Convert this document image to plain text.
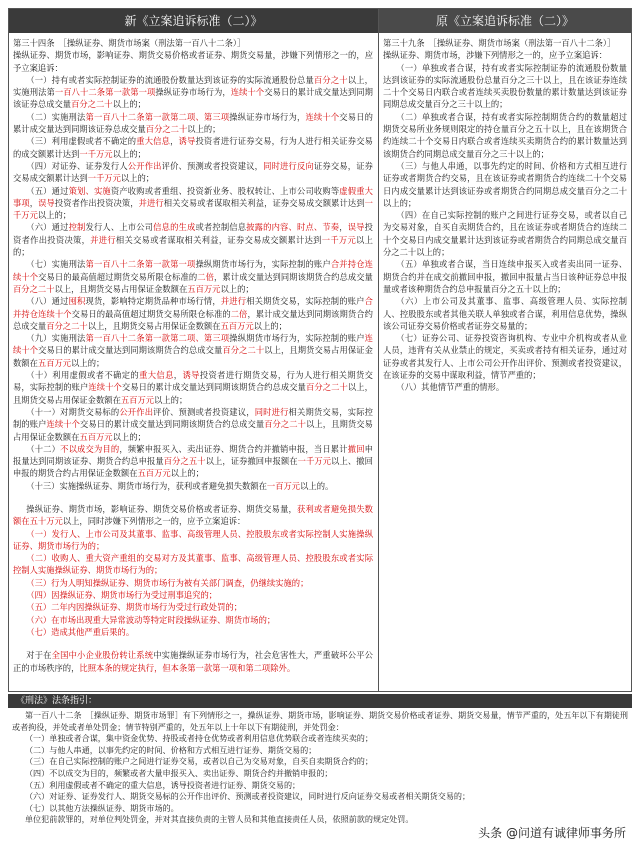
新《立案追诉标准（二）》	原《立案追诉标准（二）》

第三十四条　［操纵证券、期货市场案（刑法第一百八十二条）］

操纵证券、期货市场，影响证券、期货交易价格或者证券、期货交易量，涉嫌下列情形之一的，应予立案追诉：

（一）持有或者实际控制证券的流通股份数量达到该证券的实际流通股份总量百分之十以上，实施刑法第一百八十二条第一款第一项操纵证券市场行为，连续十个交易日的累计成交量达到同期该证券总成交量百分之二十以上的；

（二）实施刑法第一百八十二条第一款第二项、第三项操纵证券市场行为，连续十个交易日的累计成交量达到同期该证券总成交量百分之二十以上的；

（三）利用虚假或者不确定的重大信息，诱导投资者进行证券交易，行为人进行相关证券交易的成交额累计达到一千万元以上的；

（四）对证券、证券发行人公开作出评价、预测或者投资建议，同时进行反向证券交易，证券交易成交额累计达到一千万元以上的；

（五）通过策划、实施资产收购或者重组、投资新业务、股权转让、上市公司收购等虚假重大事项，误导投资者作出投资决策，并进行相关交易或者谋取相关利益，证券交易成交额累计达到一千万元以上的；

（六）通过控制发行人、上市公司信息的生成或者控制信息披露的内容、时点、节奏，误导投资者作出投资决策，并进行相关交易或者谋取相关利益，证券交易成交额累计达到一千万元以上的；

（七）实施刑法第一百八十二条第一款第一项操纵期货市场行为，实际控制的账户合并持仓连续十个交易日的最高值超过期货交易所限仓标准的二倍，累计成交量达到同期该期货合约总成交量百分之二十以上，且期货交易占用保证金数额在五百万元以上的；

（八）通过囤积现货，影响特定期货品种市场行情，并进行相关期货交易，实际控制的账户合并持仓连续十个交易日的最高值超过期货交易所限仓标准的二倍，累计成交量达到同期该期货合约总成交量百分之二十以上，且期货交易占用保证金数额在五百万元以上的；

（九）实施刑法第一百八十二条第一款第二项、第三项操纵期货市场行为，实际控制的账户连续十个交易日的累计成交量达到同期该期货合约总成交量百分之二十以上，且期货交易占用保证金数额在五百万元以上的；

（十）利用虚假或者不确定的重大信息，诱导投资者进行期货交易，行为人进行相关期货交易，实际控制的账户连续十个交易日的累计成交量达到同期该期货合约总成交量百分之二十以上，且期货交易占用保证金数额在五百万元以上的；

（十一）对期货交易标的公开作出评价、预测或者投资建议，同时进行相关期货交易，实际控制的账户连续十个交易日的累计成交量达到同期该期货合约总成交量百分之二十以上，且期货交易占用保证金数额在五百万元以上的；

（十二）不以成交为目的，频繁申报买入、卖出证券、期货合约并撤销申报，当日累计撤回申报量达到同期该证券、期货合约总申报量百分之五十以上，证券撤回申报额在一千万元以上、撤回申报的期货合约占用保证金数额在五百万元以上的；

（十三）实施操纵证券、期货市场行为，获利或者避免损失数额在一百万元以上的。

操纵证券、期货市场，影响证券、期货交易价格或者证券、期货交易量，获利或者避免损失数额在五十万元以上，同时涉嫌下列情形之一的，应予立案追诉：

（一）发行人、上市公司及其董事、监事、高级管理人员、控股股东或者实际控制人实施操纵证券、期货市场行为的；

（二）收购人、重大资产重组的交易对方及其董事、监事、高级管理人员、控股股东或者实际控制人实施操纵证券、期货市场行为的；

（三）行为人明知操纵证券、期货市场行为被有关部门调查，仍继续实施的；

（四）因操纵证券、期货市场行为受过刑事追究的；

（五）二年内因操纵证券、期货市场行为受过行政处罚的；

（六）在市场出现重大异常波动等特定时段操纵证券、期货市场的；

（七）造成其他严重后果的。

对于在全国中小企业股份转让系统中实施操纵证券市场行为，社会危害性大，严重破坏公平公正的市场秩序的，比照本条的规定执行，但本条第一款第一项和第二项除外。

第三十九条　［操纵证券、期货市场案（刑法第一百八十二条）］

操纵证券、期货市场，涉嫌下列情形之一的，应予立案追诉：

（一）单独或者合谋，持有或者实际控制证券的流通股份数量达到该证券的实际流通股份总量百分之三十以上，且在该证券连续二十个交易日内联合或者连续买卖股份数量的累计数量达到该证券同期总成交量百分之三十以上的；

（二）单独或者合谋，持有或者实际控制期货合约的数量超过期货交易所业务规则限定的持仓量百分之五十以上，且在该期货合约连续二十个交易日内联合或者连续买卖期货合约的累计数量达到该期货合约同期总成交量百分之三十以上的；

（三）与他人串通，以事先约定的时间、价格和方式相互进行证券或者期货合约交易，且在该证券或者期货合约连续二十个交易日内成交量累计达到该证券或者期货合约同期总成交量百分之二十以上的；

（四）在自己实际控制的账户之间进行证券交易，或者以自己为交易对象，自买自卖期货合约，且在该证券或者期货合约连续二十个交易日内成交量累计达到该证券或者期货合约同期总成交量百分之二十以上的；

（五）单独或者合谋，当日连续申报买入或者卖出同一证券、期货合约并在成交前撤回申报，撤回申报量占当日该种证券总申报量或者该种期货合约总申报量百分之五十以上的；

（六）上市公司及其董事、监事、高级管理人员、实际控制人、控股股东或者其他关联人单独或者合谋，利用信息优势，操纵该公司证券交易价格或者证券交易量的；

（七）证券公司、证券投资咨询机构、专业中介机构或者从业人员，违背有关从业禁止的规定，买卖或者持有相关证券，通过对证券或者其发行人、上市公司公开作出评价、预测或者投资建议，在该证券的交易中谋取利益，情节严重的；

（八）其他情节严重的情形。

《刑法》法条指引：

第一百八十二条　［操纵证券、期货市场罪］有下列情形之一，操纵证券、期货市场，影响证券、期货交易价格或者证券、期货交易量，情节严重的，处五年以下有期徒刑或者拘役，并处或者单处罚金；情节特别严重的，处五年以上十年以下有期徒刑，并处罚金：

（一）单独或者合谋，集中资金优势、持股或者持仓优势或者利用信息优势联合或者连续买卖的；

（二）与他人串通，以事先约定的时间、价格和方式相互进行证券、期货交易的；

（三）在自己实际控制的账户之间进行证券交易，或者以自己为交易对象，自买自卖期货合约的；

（四）不以成交为目的，频繁或者大量申报买入、卖出证券、期货合约并撤销申报的；

（五）利用虚假或者不确定的重大信息，诱导投资者进行证券、期货交易的；

（六）对证券、证券发行人、期货交易标的公开作出评价、预测或者投资建议，同时进行反向证券交易或者相关期货交易的；

（七）以其他方法操纵证券、期货市场的。

单位犯前款罪的，对单位判处罚金，并对其直接负责的主管人员和其他直接责任人员，依照前款的规定处罚。

头条 @问道有诚律师事务所
